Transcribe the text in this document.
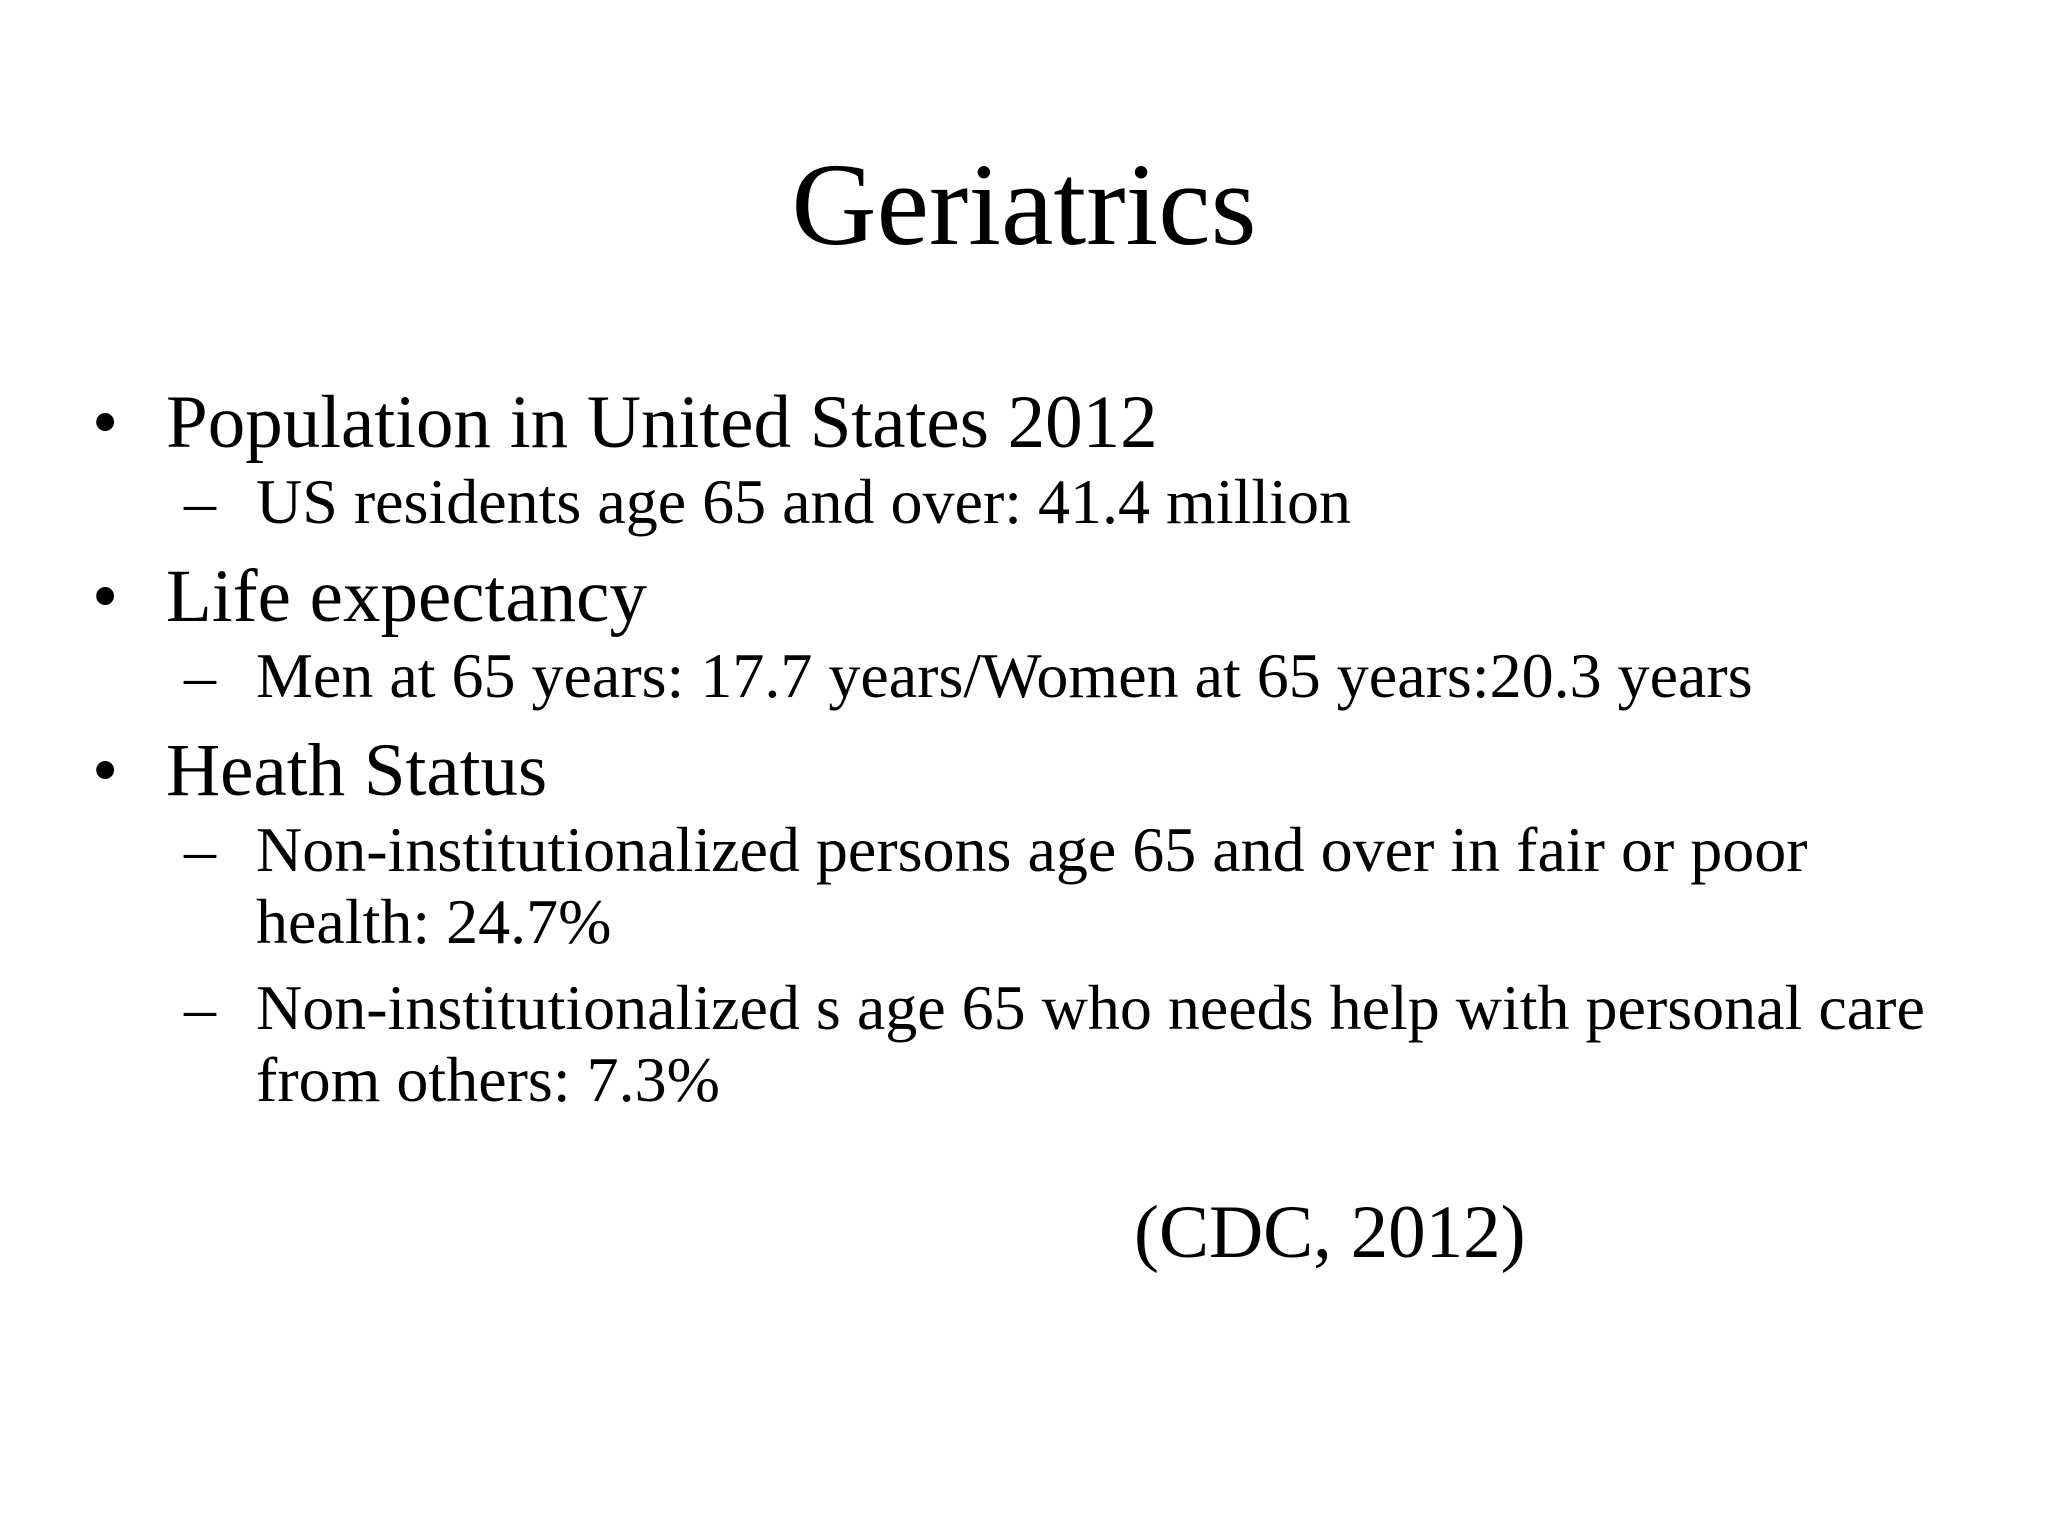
Geriatrics
• Population in United States 2012
– US residents age 65 and over: 41.4 million
• Life expectancy
– Men at 65 years: 17.7 years/Women at 65 years:20.3 years
• Heath Status
– Non-institutionalized persons age 65 and over in fair or poor health: 24.7%
– Non-institutionalized s age 65 who needs help with personal care from others: 7.3%
(CDC, 2012)
